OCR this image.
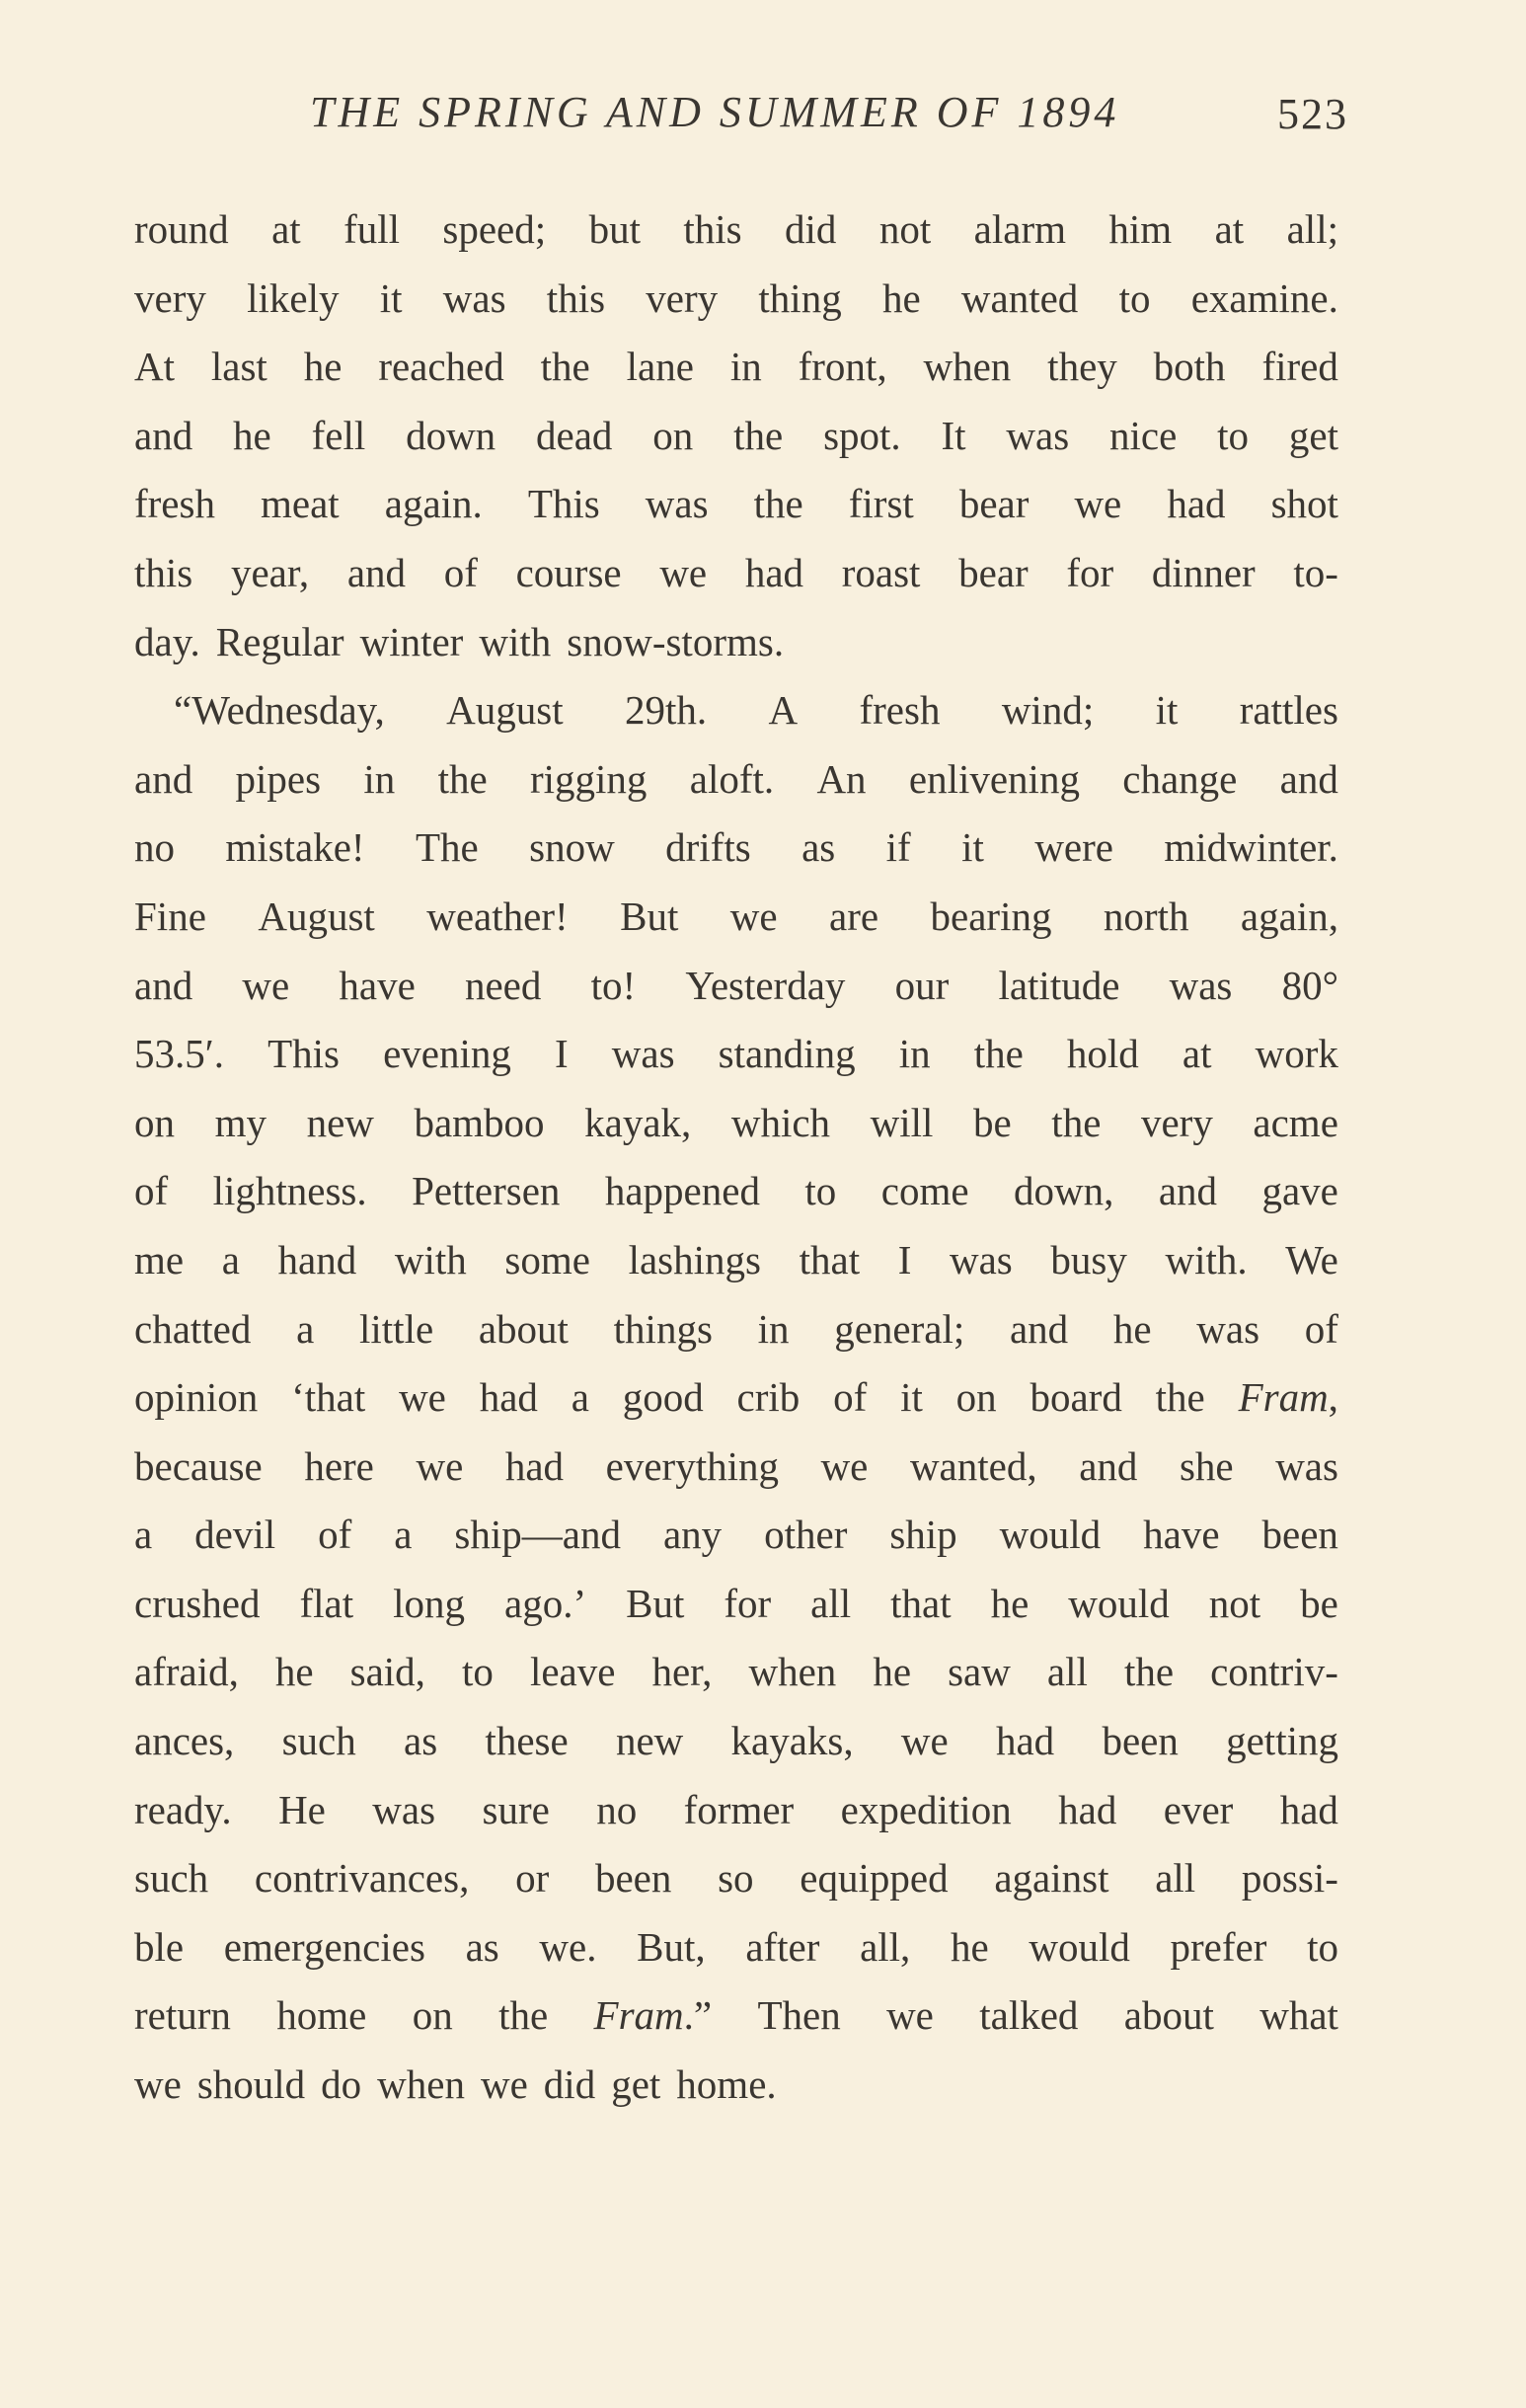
THE SPRING AND SUMMER OF 1894	523
round at full speed; but this did not alarm him at all;
very likely it was this very thing he wanted to examine.
At last he reached the lane in front, when they both fired
and he fell down dead on the spot. It was nice to get
fresh meat again. This was the first bear we had shot
this year, and of course we had roast bear for dinner to-
day. Regular winter with snow-storms.
“Wednesday, August 29th. A fresh wind; it rattles
and pipes in the rigging aloft. An enlivening change and
no mistake! The snow drifts as if it were midwinter.
Fine August weather! But we are bearing north again,
and we have need to! Yesterday our latitude was 80°
53.5′. This evening I was standing in the hold at work
on my new bamboo kayak, which will be the very acme
of lightness. Pettersen happened to come down, and gave
me a hand with some lashings that I was busy with. We
chatted a little about things in general; and he was of
opinion ‘that we had a good crib of it on board the Fram,
because here we had everything we wanted, and she was
a devil of a ship—and any other ship would have been
crushed flat long ago.’ But for all that he would not be
afraid, he said, to leave her, when he saw all the contriv-
ances, such as these new kayaks, we had been getting
ready. He was sure no former expedition had ever had
such contrivances, or been so equipped against all possi-
ble emergencies as we. But, after all, he would prefer to
return home on the Fram.” Then we talked about what
we should do when we did get home.
